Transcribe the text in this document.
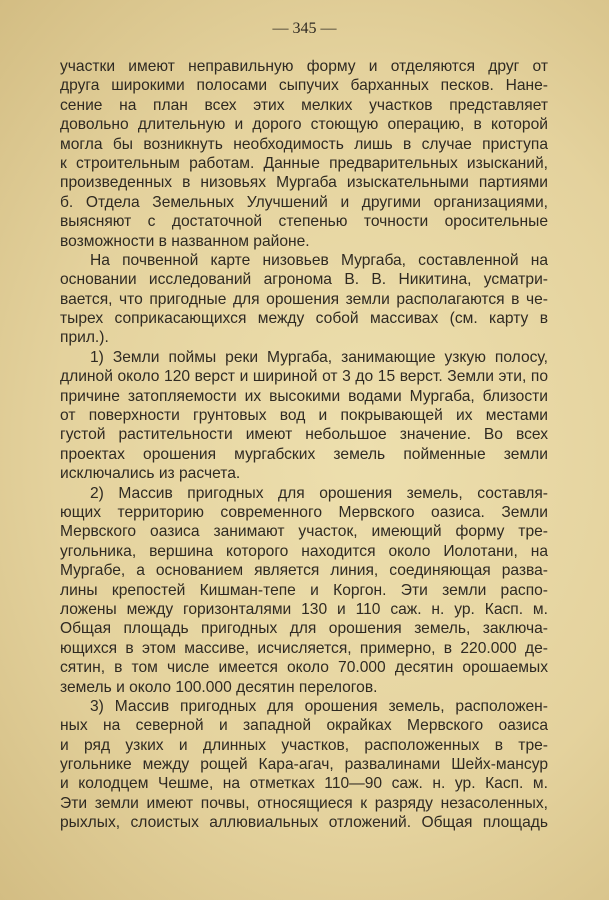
— 345 —
участки имеют неправильную форму и отделяются друг от
друга широкими полосами сыпучих барханных песков. Нане-
сение на план всех этих мелких участков представляет
довольно длительную и дорого стоющую операцию, в которой
могла бы возникнуть необходимость лишь в случае приступа
к строительным работам. Данные предварительных изысканий,
произведенных в низовьях Мургаба изыскательными партиями
б. Отдела Земельных Улучшений и другими организациями,
выясняют с достаточной степенью точности оросительные
возможности в названном районе.
На почвенной карте низовьев Мургаба, составленной на
основании исследований агронома В. В. Никитина, усматри-
вается, что пригодные для орошения земли располагаются в че-
тырех соприкасающихся между собой массивах (см. карту в
прил.).
1) Земли поймы реки Мургаба, занимающие узкую полосу,
длиной около 120 верст и шириной от 3 до 15 верст. Земли эти, по
причине затопляемости их высокими водами Мургаба, близости
от поверхности грунтовых вод и покрывающей их местами
густой растительности имеют небольшое значение. Во всех
проектах орошения мургабских земель пойменные земли
исключались из расчета.
2) Массив пригодных для орошения земель, составля-
ющих территорию современного Мервского оазиса. Земли
Мервского оазиса занимают участок, имеющий форму тре-
угольника, вершина которого находится около Иолотани, на
Мургабе, а основанием является линия, соединяющая разва-
лины крепостей Кишман-тепе и Коргон. Эти земли распо-
ложены между горизонталями 130 и 110 саж. н. ур. Касп. м.
Общая площадь пригодных для орошения земель, заключа-
ющихся в этом массиве, исчисляется, примерно, в 220.000 де-
сятин, в том числе имеется около 70.000 десятин орошаемых
земель и около 100.000 десятин перелогов.
3) Массив пригодных для орошения земель, расположен-
ных на северной и западной окрайках Мервского оазиса
и ряд узких и длинных участков, расположенных в тре-
угольнике между рощей Кара-агач, развалинами Шейх-мансур
и колодцем Чешме, на отметках 110—90 саж. н. ур. Касп. м.
Эти земли имеют почвы, относящиеся к разряду незасоленных,
рыхлых, слоистых аллювиальных отложений. Общая площадь
